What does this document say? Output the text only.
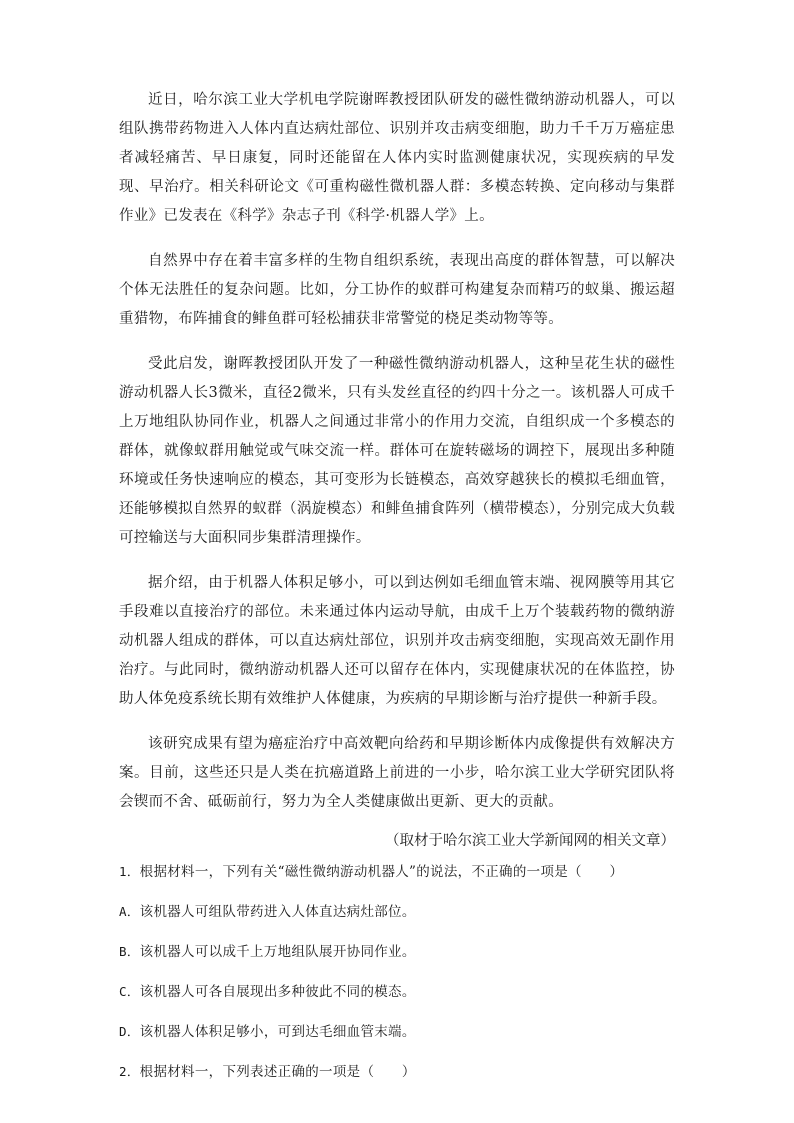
近日，哈尔滨工业大学机电学院谢晖教授团队研发的磁性微纳游动机器人，可以组队携带药物进入人体内直达病灶部位、识别并攻击病变细胞，助力千千万万癌症患者减轻痛苦、早日康复，同时还能留在人体内实时监测健康状况，实现疾病的早发现、早治疗。相关科研论文《可重构磁性微机器人群：多模态转换、定向移动与集群作业》已发表在《科学》杂志子刊《科学·机器人学》上。

自然界中存在着丰富多样的生物自组织系统，表现出高度的群体智慧，可以解决个体无法胜任的复杂问题。比如，分工协作的蚁群可构建复杂而精巧的蚁巢、搬运超重猎物，布阵捕食的鲱鱼群可轻松捕获非常警觉的桡足类动物等等。

受此启发，谢晖教授团队开发了一种磁性微纳游动机器人，这种呈花生状的磁性游动机器人长3微米，直径2微米，只有头发丝直径的约四十分之一。该机器人可成千上万地组队协同作业，机器人之间通过非常小的作用力交流，自组织成一个多模态的群体，就像蚁群用触觉或气味交流一样。群体可在旋转磁场的调控下，展现出多种随环境或任务快速响应的模态，其可变形为长链模态，高效穿越狭长的模拟毛细血管，还能够模拟自然界的蚁群（涡旋模态）和鲱鱼捕食阵列（横带模态），分别完成大负载可控输送与大面积同步集群清理操作。

据介绍，由于机器人体积足够小，可以到达例如毛细血管末端、视网膜等用其它手段难以直接治疗的部位。未来通过体内运动导航，由成千上万个装载药物的微纳游动机器人组成的群体，可以直达病灶部位，识别并攻击病变细胞，实现高效无副作用治疗。与此同时，微纳游动机器人还可以留存在体内，实现健康状况的在体监控，协助人体免疫系统长期有效维护人体健康，为疾病的早期诊断与治疗提供一种新手段。

该研究成果有望为癌症治疗中高效靶向给药和早期诊断体内成像提供有效解决方案。目前，这些还只是人类在抗癌道路上前进的一小步，哈尔滨工业大学研究团队将会锲而不舍、砥砺前行，努力为全人类健康做出更新、更大的贡献。

（取材于哈尔滨工业大学新闻网的相关文章）

1．根据材料一，下列有关“磁性微纳游动机器人”的说法，不正确的一项是（　　）
A．该机器人可组队带药进入人体直达病灶部位。
B．该机器人可以成千上万地组队展开协同作业。
C．该机器人可各自展现出多种彼此不同的模态。
D．该机器人体积足够小，可到达毛细血管末端。
2．根据材料一，下列表述正确的一项是（　　）
